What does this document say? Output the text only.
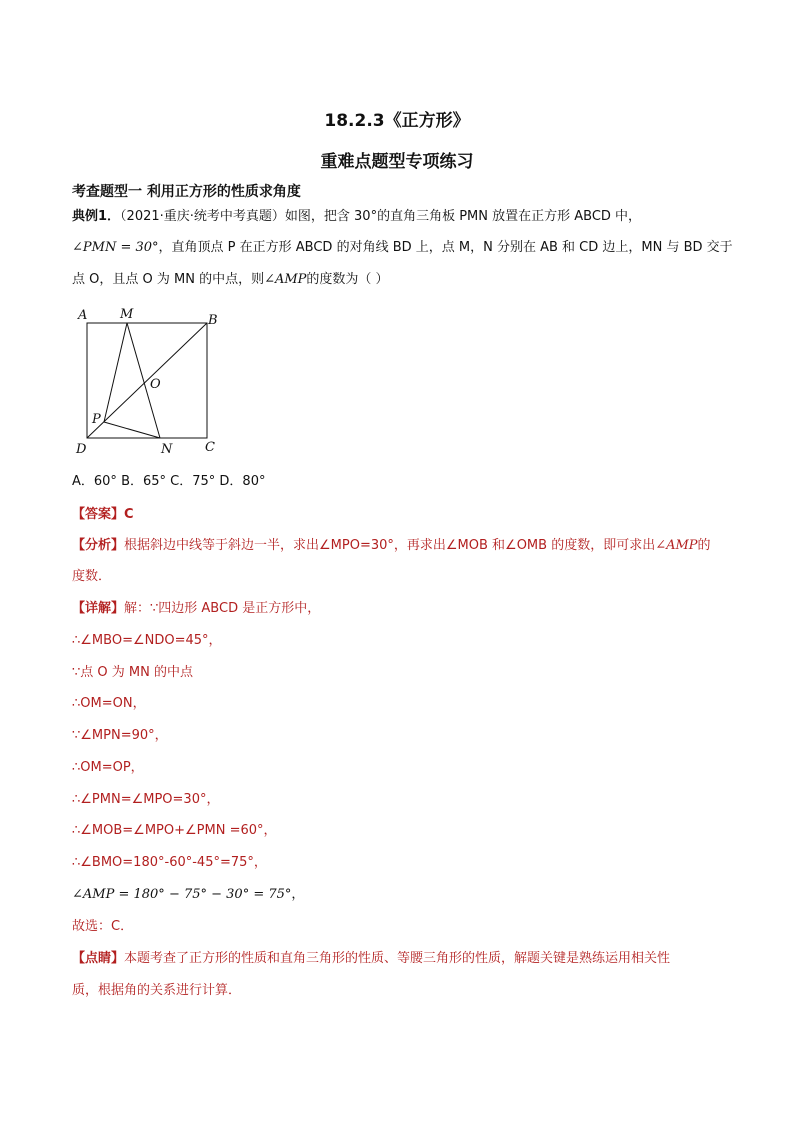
18.2.3《正方形》
重难点题型专项练习
考查题型一 利用正方形的性质求角度
典例1．（2021·重庆·统考中考真题）如图，把含 30°的直角三角板 PMN 放置在正方形 ABCD 中，
∠PMN = 30°，直角顶点 P 在正方形 ABCD 的对角线 BD 上，点 M，N 分别在 AB 和 CD 边上，MN 与 BD 交于
点 O，且点 O 为 MN 的中点，则∠AMP的度数为（ ）
A	M	B
O
P
D	N	C
A．60° B．65° C．75° D．80°
【答案】C
【分析】根据斜边中线等于斜边一半，求出∠MPO=30°，再求出∠MOB 和∠OMB 的度数，即可求出∠AMP的
度数．
【详解】解：∵四边形 ABCD 是正方形中，
∴∠MBO=∠NDO=45°，
∵点 O 为 MN 的中点
∴OM=ON，
∵∠MPN=90°，
∴OM=OP，
∴∠PMN=∠MPO=30°，
∴∠MOB=∠MPO+∠PMN =60°，
∴∠BMO=180°-60°-45°=75°，
∠AMP = 180° − 75° − 30° = 75°，
故选：C．
【点睛】本题考查了正方形的性质和直角三角形的性质、等腰三角形的性质，解题关键是熟练运用相关性
质，根据角的关系进行计算．
